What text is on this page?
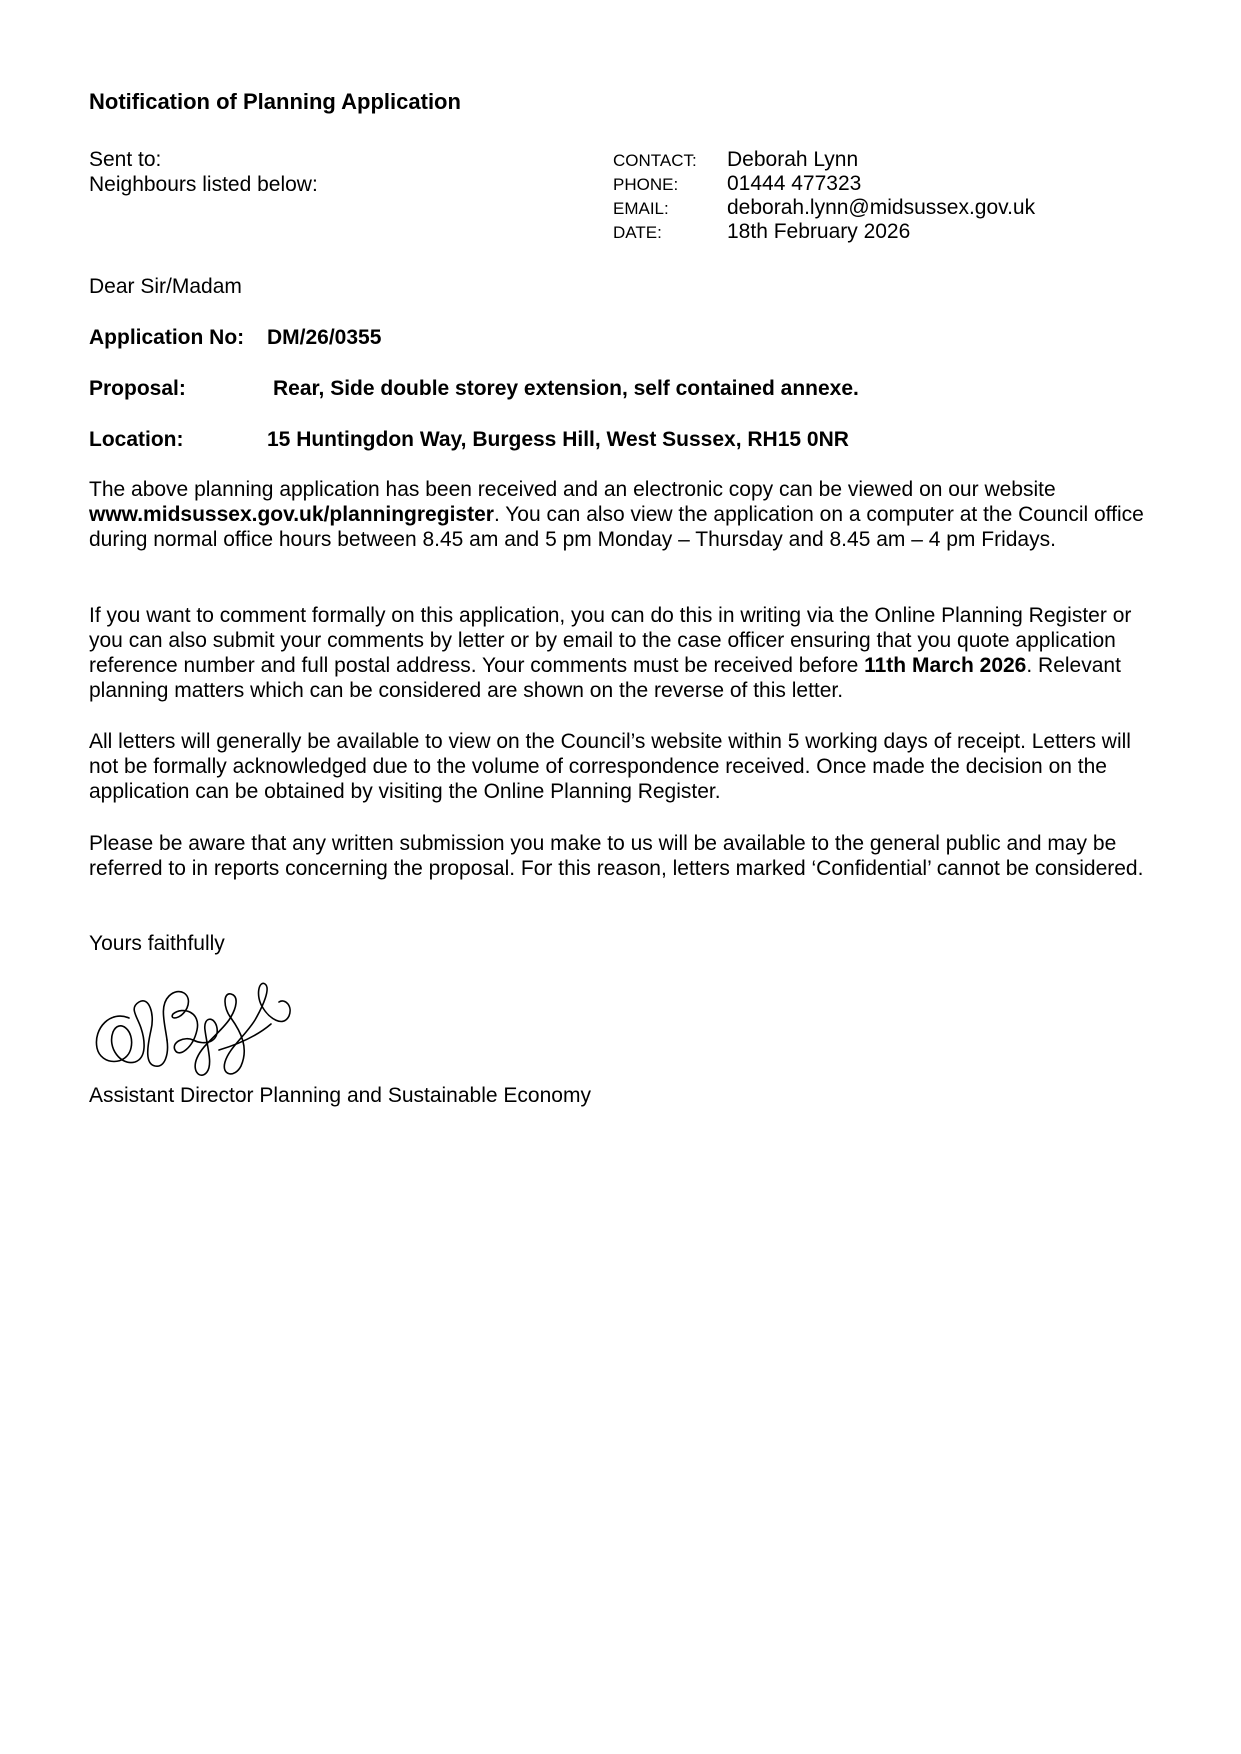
Notification of Planning Application
Sent to:
Neighbours listed below:
CONTACT:	Deborah Lynn
PHONE:	01444 477323
EMAIL:	deborah.lynn@midsussex.gov.uk
DATE:	18th February 2026
Dear Sir/Madam
Application No:	DM/26/0355
Proposal:	Rear, Side double storey extension, self contained annexe.
Location:	15 Huntingdon Way, Burgess Hill, West Sussex, RH15 0NR

The above planning application has been received and an electronic copy can be viewed on our website www.midsussex.gov.uk/planningregister. You can also view the application on a computer at the Council office during normal office hours between 8.45 am and 5 pm Monday – Thursday and 8.45 am – 4 pm Fridays.

If you want to comment formally on this application, you can do this in writing via the Online Planning Register or you can also submit your comments by letter or by email to the case officer ensuring that you quote application reference number and full postal address. Your comments must be received before 11th March 2026. Relevant planning matters which can be considered are shown on the reverse of this letter.

All letters will generally be available to view on the Council’s website within 5 working days of receipt. Letters will not be formally acknowledged due to the volume of correspondence received. Once made the decision on the application can be obtained by visiting the Online Planning Register.

Please be aware that any written submission you make to us will be available to the general public and may be referred to in reports concerning the proposal. For this reason, letters marked ‘Confidential’ cannot be considered.

Yours faithfully
Assistant Director Planning and Sustainable Economy
